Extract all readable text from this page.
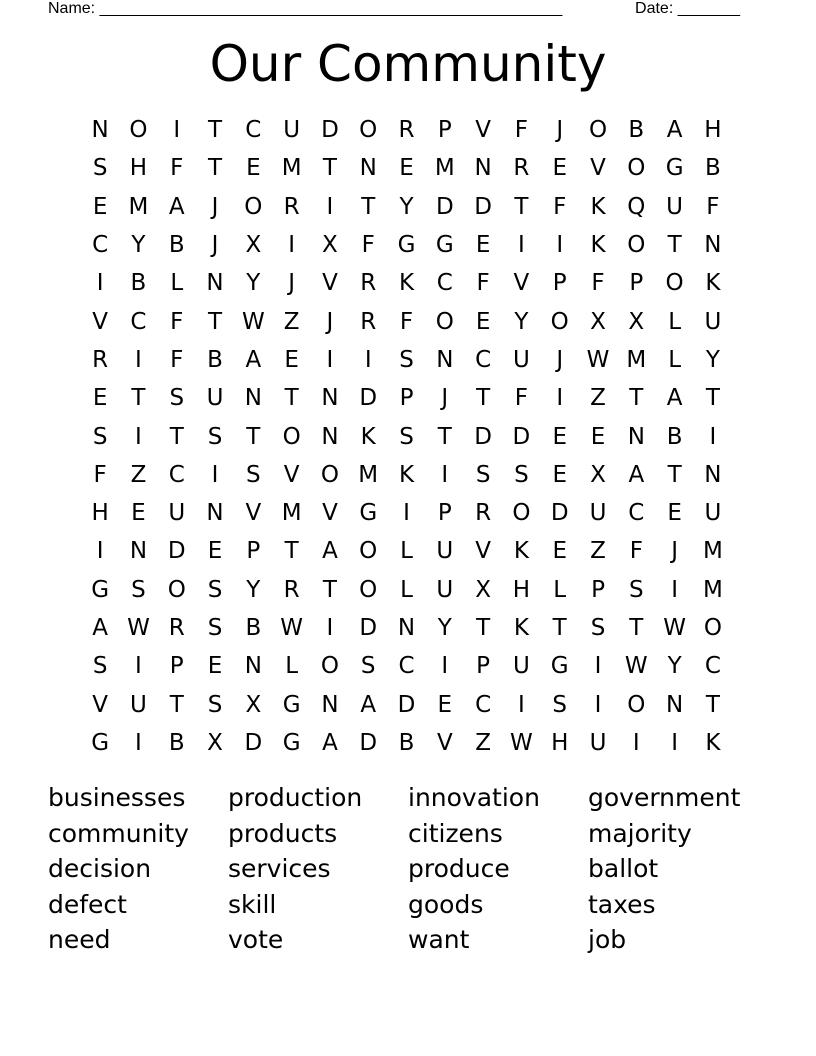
Name: ____________________________________________________	Date: _______
Our Community
N O	I	T	C U D O R	P	V	F	J	O B A H
S H	F	T	E M T N E M N R	E	V O G B
E M A	J	O R	I	T	Y D D T	F	K Q U	F
C	Y	B	J	X	I	X	F G G E	I	I	K O T N
I	B	L	N Y	J	V R K C	F	V	P	F	P O K
V C	F	T W Z	J	R	F O E	Y O X X	L	U
R	I	F	B A	E	I	I	S N C U	J	W M L	Y
E	T	S U N T N D P	J	T	F	I	Z	T	A	T
S	I	T	S	T O N K	S	T D D E	E N B	I
F	Z C	I	S	V O M K	I	S	S	E	X A	T N
H E U N V M V G	I	P	R O D U C	E U
I	N D E	P	T	A O L	U V K	E	Z	F	J	M
G S O S	Y	R	T O L	U X H	L	P	S	I	M
A W R	S	B W	I	D N Y	T	K	T	S	T W O
S	I	P	E N	L O S C	I	P U G	I	W Y	C
V U T	S	X G N A D E C	I	S	I	O N T
G	I	B X D G A D B V Z W H U	I	I	K
businesses	production	innovation	government
community	products	citizens	majority
decision	services	produce	ballot
defect	skill	goods	taxes
need	vote	want	job
